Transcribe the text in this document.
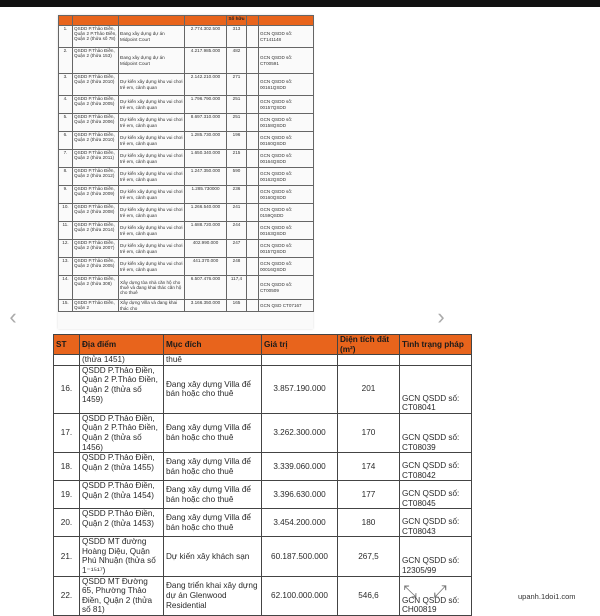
				Số hữu		
1.	QSDD P.Thảo Điền, Quận 2 P.Thảo Điền, Quận 2 (thửa số 78)	Đang xây dựng dự án Midpoint Court	2.774.302.500	313		GCN QSDD số: CT141148
2.	QSDD P.Thảo Điền, Quận 2 (thửa 153)	Đang xây dựng dự án Midpoint Court	4.217.985.000	482		GCN QSDD số: CT00591
3.	QSDD P.Thảo Điền, Quận 2 (thửa 2010)	Dự kiến xây dựng khu vui chơi trẻ em, cảnh quan	2.142.210.000	271		GCN QSDD số: 00161QSDD
4.	QSDD P.Thảo Điền, Quận 2 (thửa 2005)	Dự kiến xây dựng khu vui chơi trẻ em, cảnh quan	1.796.790.000	251		GCN QSDD số: 00157QSDD
5.	QSDD P.Thảo Điền, Quận 2 (thửa 2006)	Dự kiến xây dựng khu vui chơi trẻ em, cảnh quan	8.697.310.000	251		GCN QSDD số: 00158QSDD
6.	QSDD P.Thảo Điền, Quận 2 (thửa 2010)	Dự kiến xây dựng khu vui chơi trẻ em, cảnh quan	1.285.730.000	196		GCN QSDD số: 00160QSDD
7.	QSDD P.Thảo Điền, Quận 2 (thửa 2011)	Dự kiến xây dựng khu vui chơi trẻ em, cảnh quan	1.650.340.000	215		GCN QSDD số: 00164QSDD
8.	QSDD P.Thảo Điền, Quận 2 (thửa 2012)	Dự kiến xây dựng khu vui chơi trẻ em, cảnh quan	1.247.350.000	590		GCN QSDD số: 00162QSDD
9.	QSDD P.Thảo Điền, Quận 2 (thửa 2009)	Dự kiến xây dựng khu vui chơi trẻ em, cảnh quan	1.285.730000	236		GCN QSDD số: 00160QSDD
10.	QSDD P.Thảo Điền, Quận 2 (thửa 2008)	Dự kiến xây dựng khu vui chơi trẻ em, cảnh quan	1.266.540.000	241		GCN QSDD số: 0159QSDD
11.	QSDD P.Thảo Điền, Quận 2 (thửa 2014)	Dự kiến xây dựng khu vui chơi trẻ em, cảnh quan	1.688.720.000	244		GCN QSDD số: 00163QSDD
12.	QSDD P.Thảo Điền, Quận 2 (thửa 2007)	Dự kiến xây dựng khu vui chơi trẻ em, cảnh quan	402.990.000	247		GCN QSDD số: 00157QSDD
13.	QSDD P.Thảo Điền, Quận 2 (thửa 2005)	Dự kiến xây dựng khu vui chơi trẻ em, cảnh quan	441.370.000	248		GCN QSDD số: 00016QSDD
14.	QSDD P.Thảo Điền, Quận 2 (thửa 308)	Xây dựng tòa nhà căn hộ cho thuê và đang khai thác căn hộ cho thuê	6.507.476.000	117,4		GCN QSDD số: CT00509
15.	QSDD P.Thảo Điền, Quận 2	Xây dựng Villa và đang khai thác cho	3.166.350.000	165		GCN QSD CT07167
‹	›
ST	Địa điểm	Mục đích	Giá trị	Diện tích đất (m²)	Tình trạng pháp
	(thửa 1451)	thuê			
16.	QSDD P.Thảo Điền, Quận 2 P.Thảo Điền, Quận 2 (thửa số 1459)	Đang xây dựng Villa để bán hoặc cho thuê	3.857.190.000	201	GCN QSDD số: CT08041
17.	QSDD P.Thảo Điền, Quận 2 P.Thảo Điền, Quận 2 (thửa số 1456)	Đang xây dựng Villa để bán hoặc cho thuê	3.262.300.000	170	GCN QSDD số: CT08039
18.	QSDD P.Thảo Điền, Quận 2 (thửa 1455)	Đang xây dựng Villa để bán hoặc cho thuê	3.339.060.000	174	GCN QSDD số: CT08042
19.	QSDD P.Thảo Điền, Quận 2 (thửa 1454)	Đang xây dựng Villa để bán hoặc cho thuê	3.396.630.000	177	GCN QSDD số: CT08045
20.	QSDD P.Thảo Điền, Quận 2 (thửa 1453)	Đang xây dựng Villa để bán hoặc cho thuê	3.454.200.000	180	GCN QSDD số: CT08043
21.	QSDD MT đường Hoàng Diệu, Quận Phú Nhuận (thửa số 1⁻¹⁵¹⁷)	Dự kiến xây khách sạn	60.187.500.000	267,5	GCN QSDD số: 12305/99
22.	QSDD MT Đường 65, Phường Thảo Điền, Quận 2 (thửa số 81)	Đang triển khai xây dựng dự án Glenwood Residential	62.100.000.000	546,6	GCN QSDD số: CH00819
⤡ ⤢	upanh.1doi1.com
